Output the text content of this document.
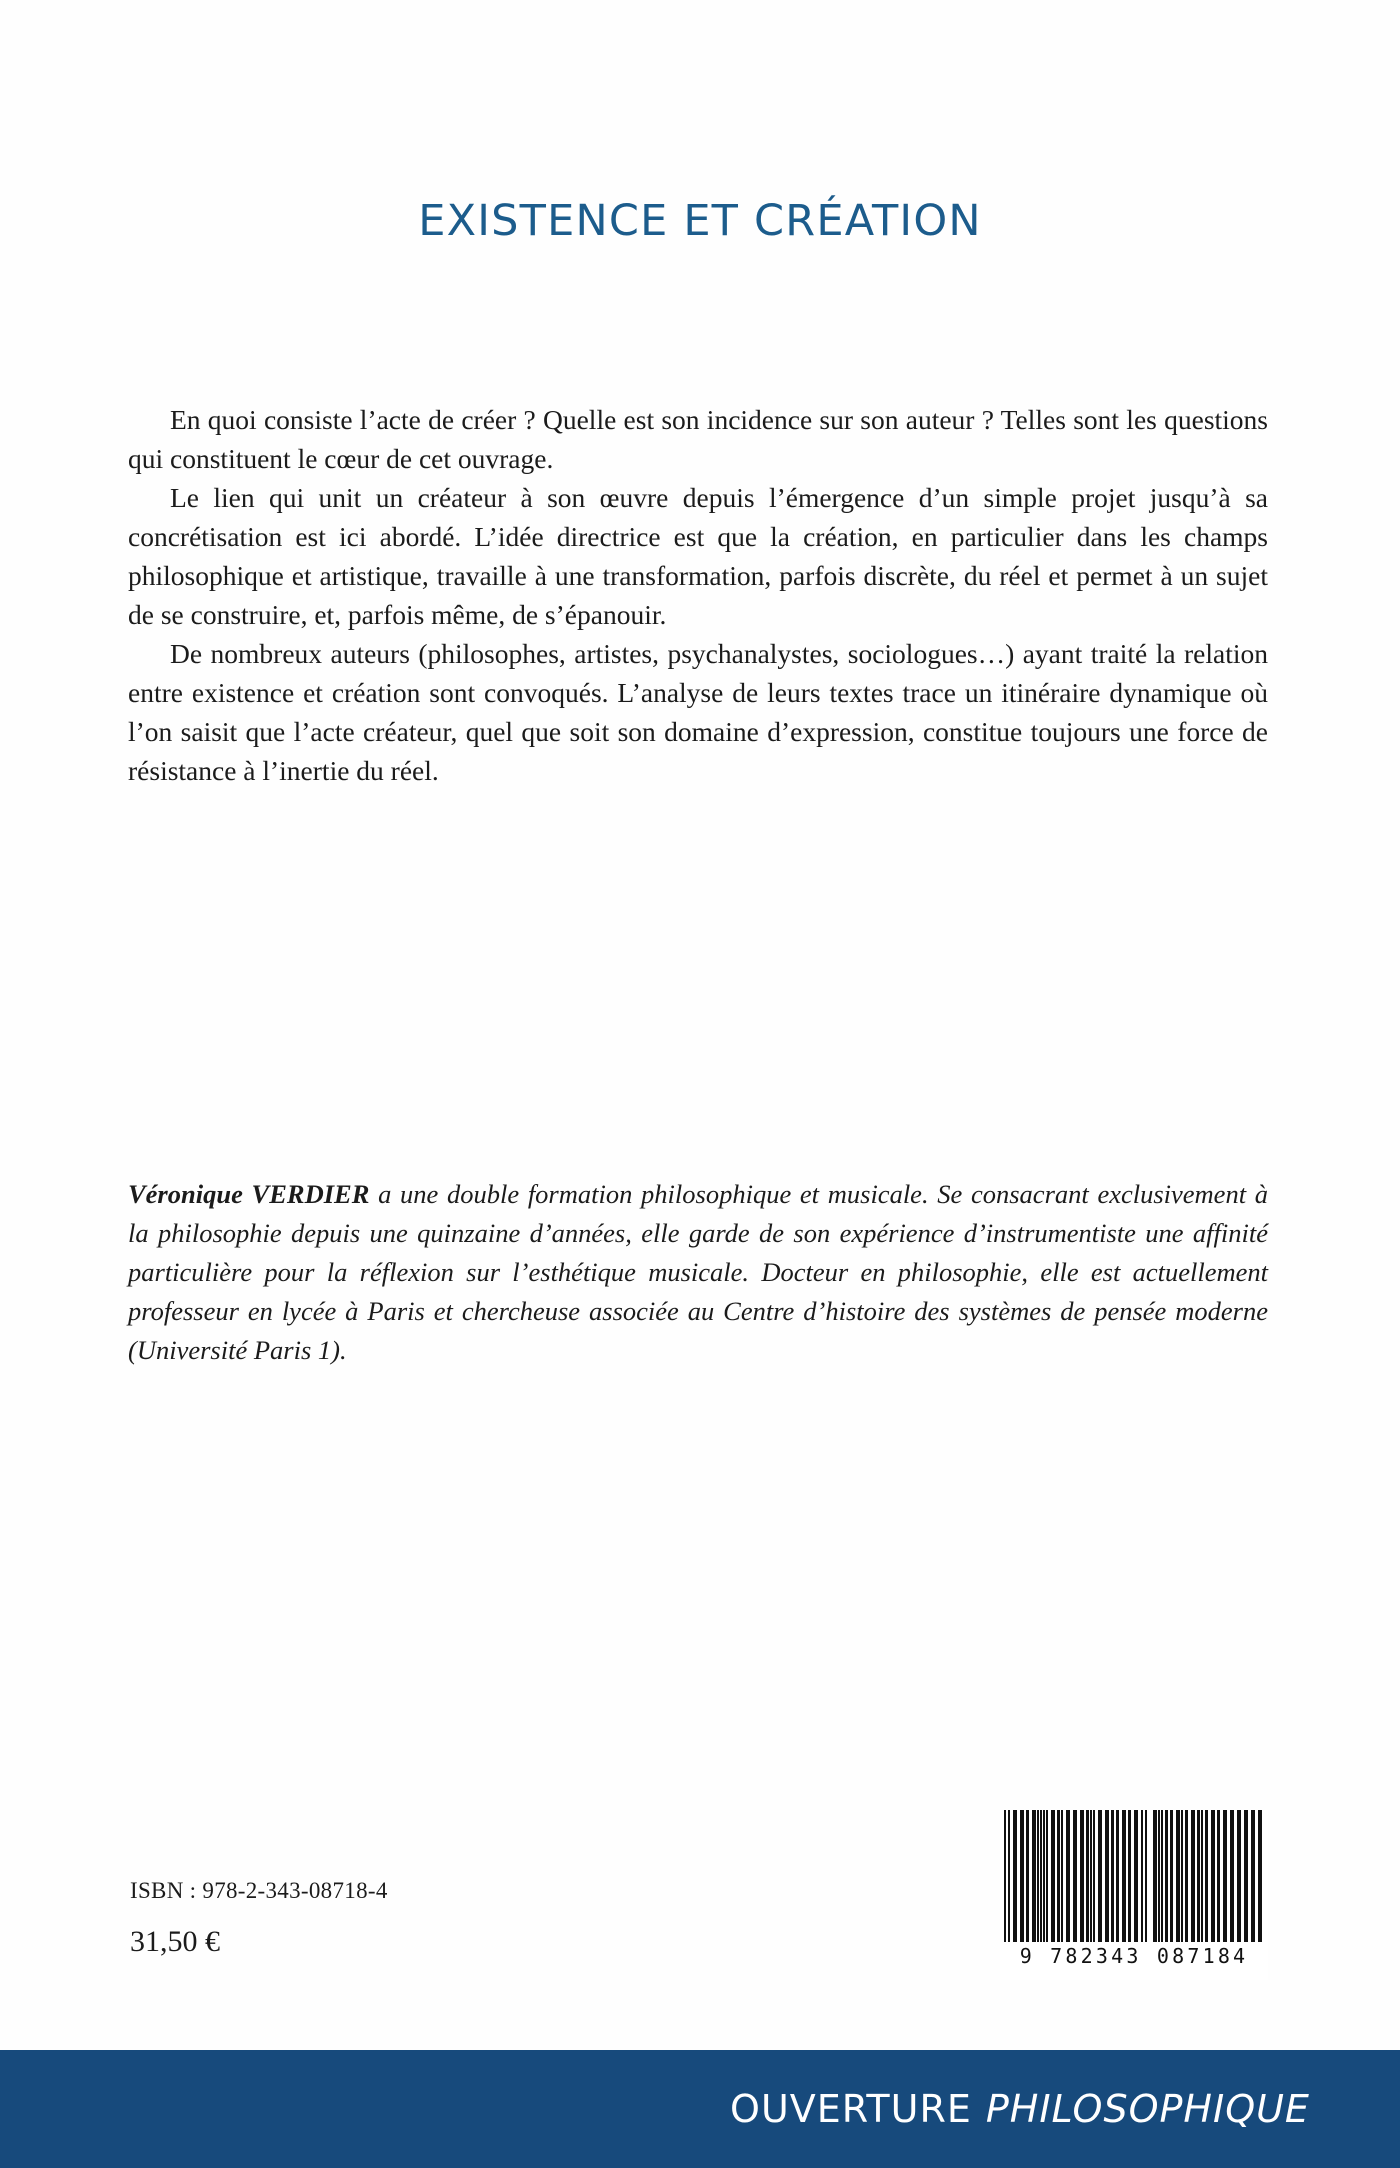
EXISTENCE ET CRÉATION

En quoi consiste l’acte de créer ? Quelle est son incidence sur son auteur ? Telles sont les questions qui constituent le cœur de cet ouvrage.

Le lien qui unit un créateur à son œuvre depuis l’émergence d’un simple projet jusqu’à sa concrétisation est ici abordé. L’idée directrice est que la création, en particulier dans les champs philosophique et artistique, travaille à une transformation, parfois discrète, du réel et permet à un sujet de se construire, et, parfois même, de s’épanouir.

De nombreux auteurs (philosophes, artistes, psychanalystes, sociologues…) ayant traité la relation entre existence et création sont convoqués. L’analyse de leurs textes trace un itinéraire dynamique où l’on saisit que l’acte créateur, quel que soit son domaine d’expression, constitue toujours une force de résistance à l’inertie du réel.

Véronique VERDIER a une double formation philosophique et musicale. Se consacrant exclusivement à la philosophie depuis une quinzaine d’années, elle garde de son expérience d’instrumentiste une affinité particulière pour la réflexion sur l’esthétique musicale. Docteur en philosophie, elle est actuellement professeur en lycée à Paris et chercheuse associée au Centre d’histoire des systèmes de pensée moderne (Université Paris 1).
ISBN : 978-2-343-08718-4
31,50 €	9 782343 087184
OUVERTURE PHILOSOPHIQUE
